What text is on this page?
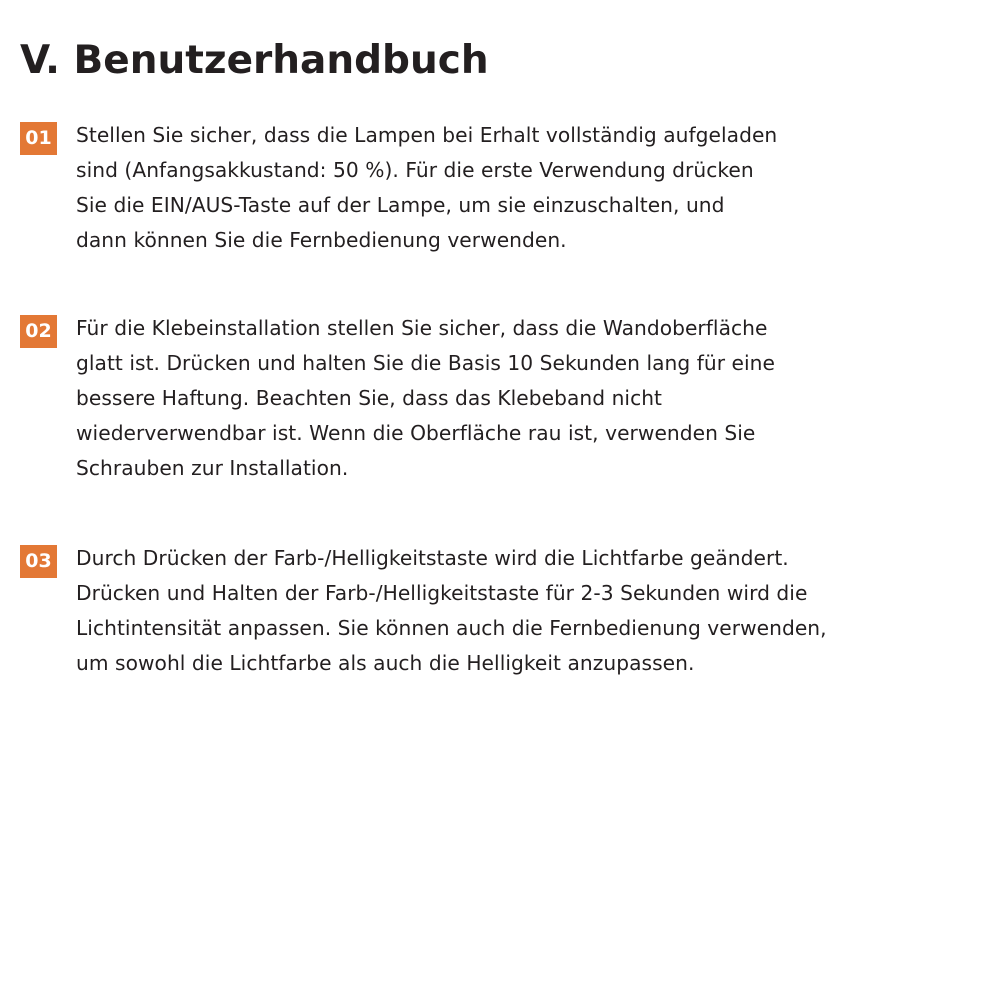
V. Benutzerhandbuch
01 Stellen Sie sicher, dass die Lampen bei Erhalt vollständig aufgeladen
sind (Anfangsakkustand: 50 %). Für die erste Verwendung drücken
Sie die EIN/AUS-Taste auf der Lampe, um sie einzuschalten, und
dann können Sie die Fernbedienung verwenden.

02 Für die Klebeinstallation stellen Sie sicher, dass die Wandoberfläche
glatt ist. Drücken und halten Sie die Basis 10 Sekunden lang für eine
bessere Haftung. Beachten Sie, dass das Klebeband nicht
wiederverwendbar ist. Wenn die Oberfläche rau ist, verwenden Sie
Schrauben zur Installation.

03 Durch Drücken der Farb-/Helligkeitstaste wird die Lichtfarbe geändert.
Drücken und Halten der Farb-/Helligkeitstaste für 2-3 Sekunden wird die
Lichtintensität anpassen. Sie können auch die Fernbedienung verwenden,
um sowohl die Lichtfarbe als auch die Helligkeit anzupassen.
